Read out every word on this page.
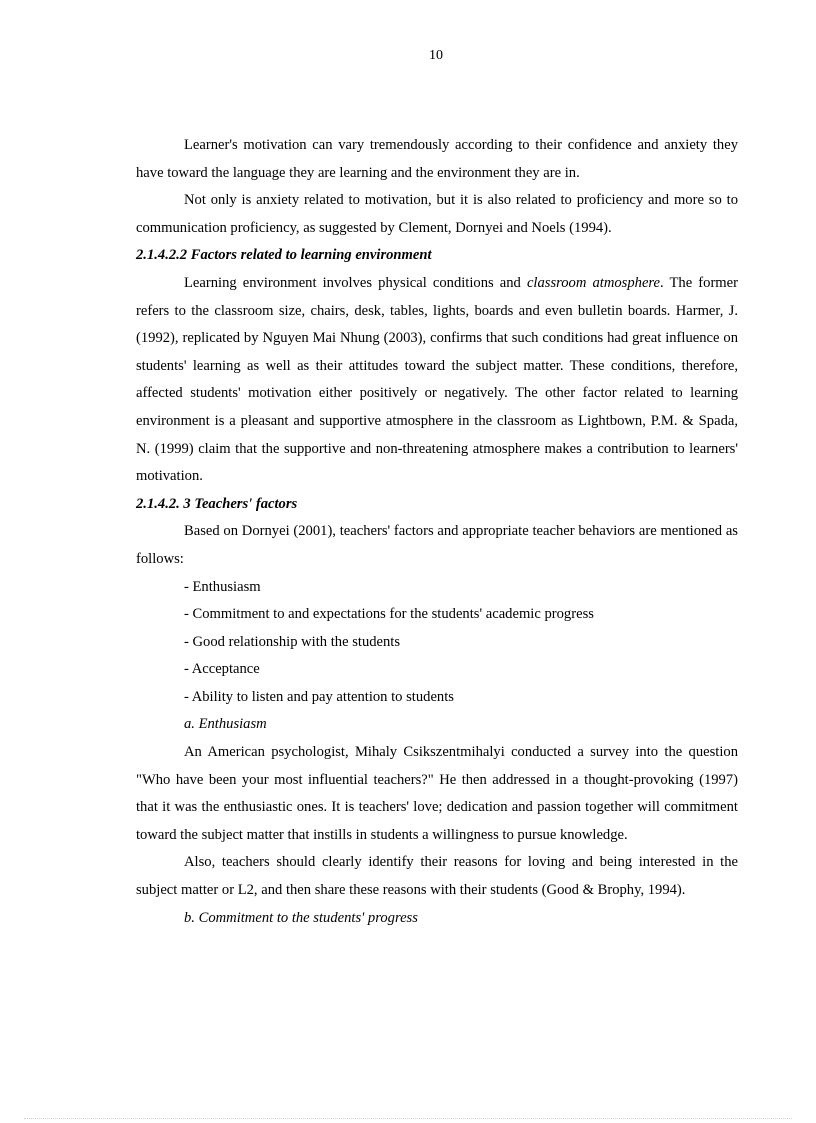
10

Learner's motivation can vary tremendously according to their confidence and anxiety they have toward the language they are learning and the environment they are in.

Not only is anxiety related to motivation, but it is also related to proficiency and more so to communication proficiency, as suggested by Clement, Dornyei and Noels (1994).

2.1.4.2.2 Factors related to learning environment

Learning environment involves physical conditions and classroom atmosphere. The former refers to the classroom size, chairs, desk, tables, lights, boards and even bulletin boards. Harmer, J. (1992), replicated by Nguyen Mai Nhung (2003), confirms that such conditions had great influence on students' learning as well as their attitudes toward the subject matter. These conditions, therefore, affected students' motivation either positively or negatively. The other factor related to learning environment is a pleasant and supportive atmosphere in the classroom as Lightbown, P.M. & Spada, N. (1999) claim that the supportive and non-threatening atmosphere makes a contribution to learners' motivation.

2.1.4.2. 3 Teachers' factors

Based on Dornyei (2001), teachers' factors and appropriate teacher behaviors are mentioned as follows:

- Enthusiasm

- Commitment to and expectations for the students' academic progress

- Good relationship with the students

- Acceptance

- Ability to listen and pay attention to students

a. Enthusiasm

An American psychologist, Mihaly Csikszentmihalyi conducted a survey into the question "Who have been your most influential teachers?" He then addressed in a thought-provoking (1997) that it was the enthusiastic ones. It is teachers' love; dedication and passion together will commitment toward the subject matter that instills in students a willingness to pursue knowledge.

Also, teachers should clearly identify their reasons for loving and being interested in the subject matter or L2, and then share these reasons with their students (Good & Brophy, 1994).

b. Commitment to the students' progress
